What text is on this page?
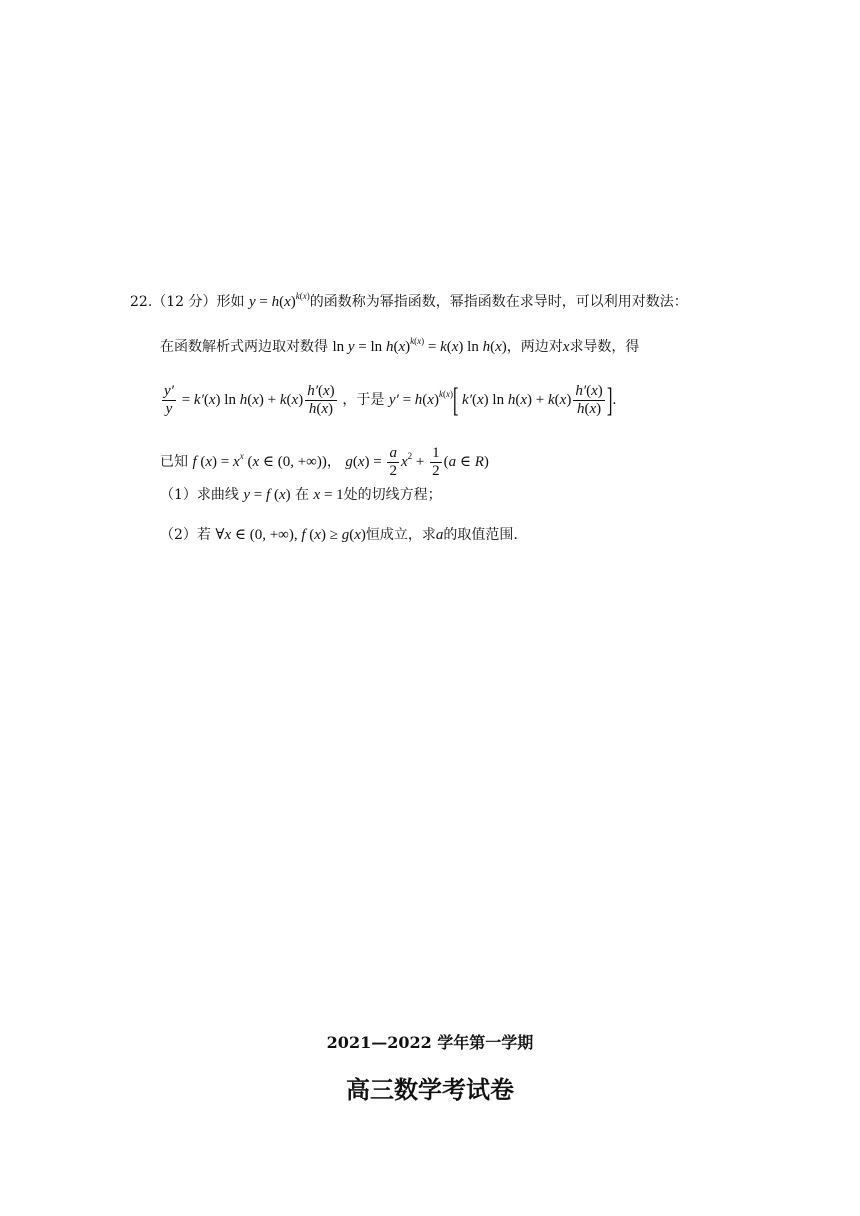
22.（12 分）形如 $y = h(x)^{k(x)}$的函数称为幂指函数，幂指函数在求导时，可以利用对数法：
在函数解析式两边取对数得 $\ln y = \ln h(x)^{k(x)} = k(x)$ ln h(x)，两边对x求导数，得
$\frac{y'}{y} = k'(x)$ $\ln h(x) + k(x) \frac{h'(x)}{h(x)}$ ，于是 $y' = h(x)^{k(x)}$[ k′(x) $\ln h(x) + k(x) \frac{h'(x)}{h(x)}$ ].
已知 f $(x) = x^x$ (x ∈ (0, +∞))， $g(x) = \frac{a}{2} x^2 + \frac{1}{2} (a$ ∈ R)
（1）求曲线 y = f (x) 在 x = 1处的切线方程；
（2）若 ∀x ∈ (0, +∞), f (x) ≥ g(x)恒成立，求a的取值范围.
2021—2022 学年第一学期
高三数学考试卷
